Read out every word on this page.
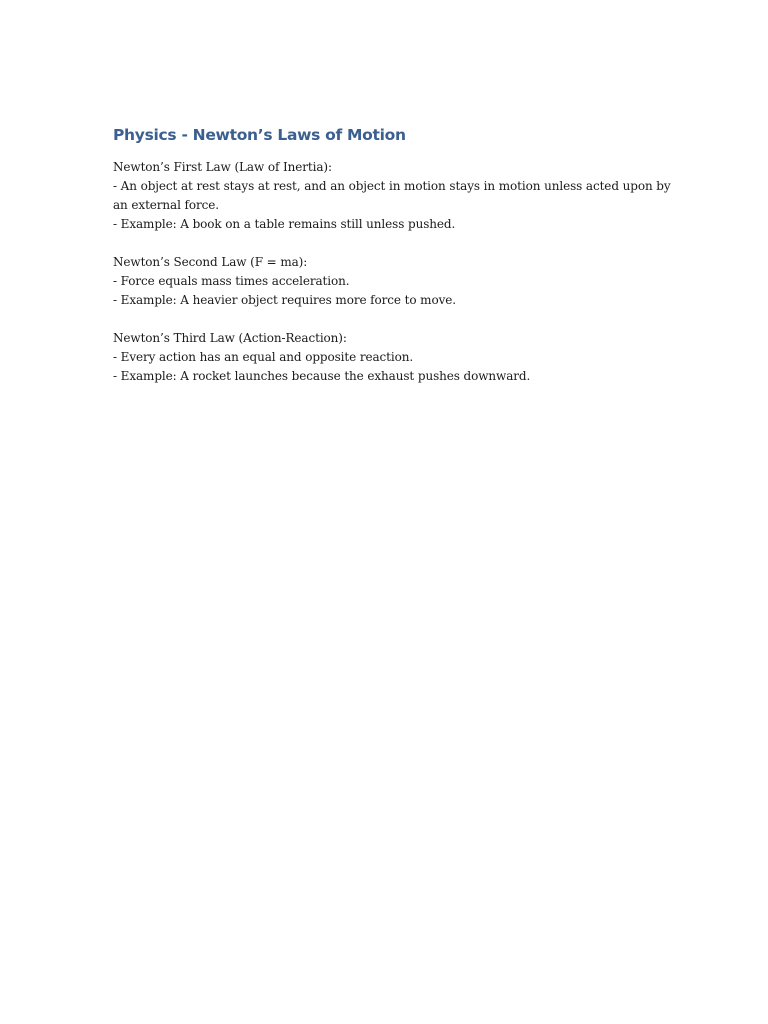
Physics - Newton’s Laws of Motion

Newton’s First Law (Law of Inertia):

- An object at rest stays at rest, and an object in motion stays in motion unless acted upon by an external force.

- Example: A book on a table remains still unless pushed.

Newton’s Second Law (F = ma):

- Force equals mass times acceleration.

- Example: A heavier object requires more force to move.

Newton’s Third Law (Action-Reaction):

- Every action has an equal and opposite reaction.

- Example: A rocket launches because the exhaust pushes downward.
